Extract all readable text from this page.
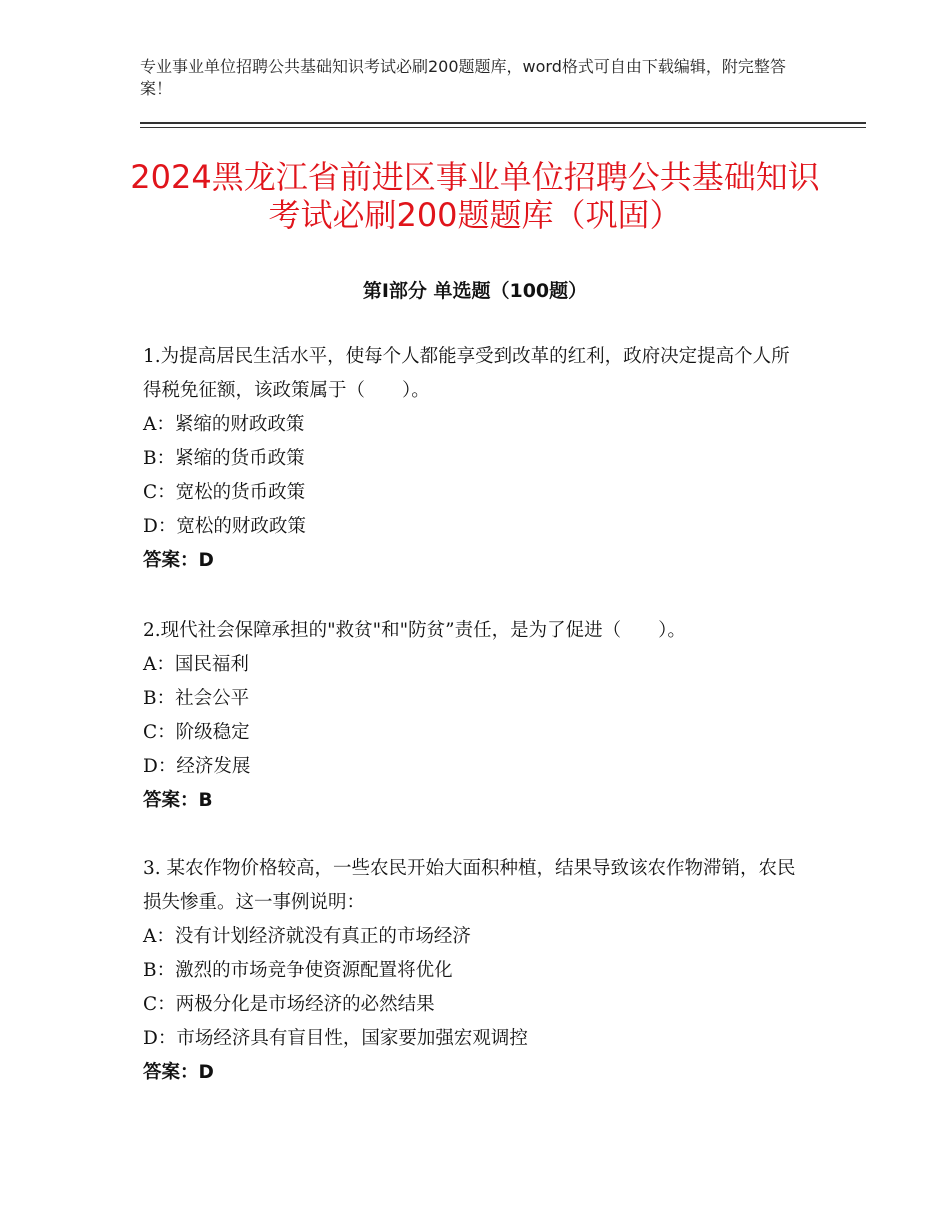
专业事业单位招聘公共基础知识考试必刷200题题库，word格式可自由下载编辑，附完整答案！
2024黑龙江省前进区事业单位招聘公共基础知识考试必刷200题题库（巩固）
第Ⅰ部分 单选题（100题）

1.为提高居民生活水平，使每个人都能享受到改革的红利，政府决定提高个人所得税免征额，该政策属于（　　）。

A：紧缩的财政政策

B：紧缩的货币政策

C：宽松的货币政策

D：宽松的财政政策

答案：D

2.现代社会保障承担的"救贫"和"防贫”责任，是为了促进（　　）。

A：国民福利

B：社会公平

C：阶级稳定

D：经济发展

答案：B

3. 某农作物价格较高，一些农民开始大面积种植，结果导致该农作物滞销，农民损失惨重。这一事例说明：

A：没有计划经济就没有真正的市场经济

B：激烈的市场竞争使资源配置将优化

C：两极分化是市场经济的必然结果

D：市场经济具有盲目性，国家要加强宏观调控

答案：D
